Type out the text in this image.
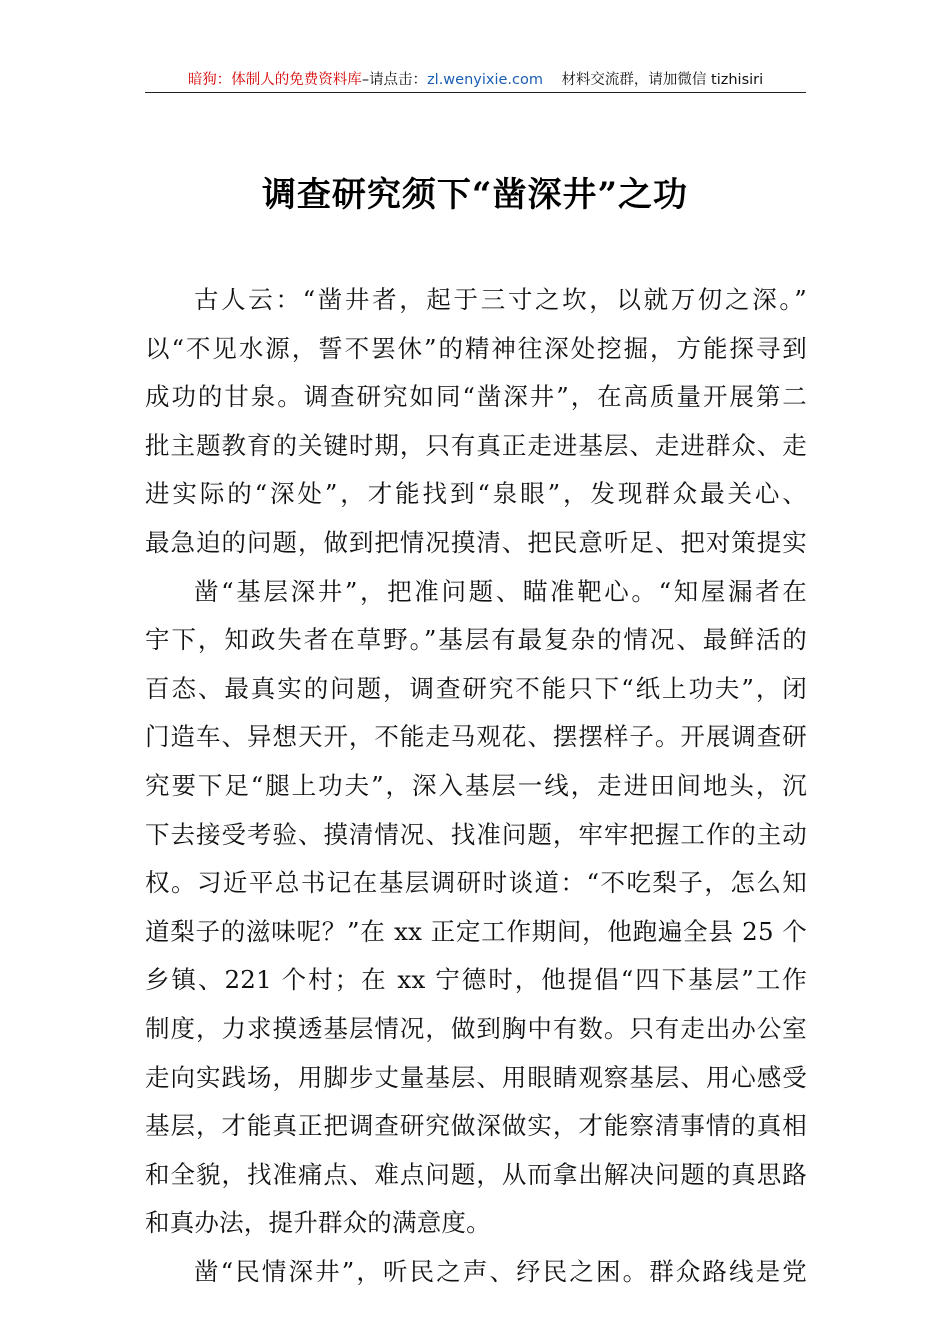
暗狗：体制人的免费资料库–请点击：zl.wenyixie.com 材料交流群，请加微信 tizhisiri
调查研究须下“凿深井”之功
古人云：“凿井者，起于三寸之坎，以就万仞之深。”
以“不见水源，誓不罢休”的精神往深处挖掘，方能探寻到
成功的甘泉。调查研究如同“凿深井”，在高质量开展第二
批主题教育的关键时期，只有真正走进基层、走进群众、走
进实际的“深处”，才能找到“泉眼”，发现群众最关心、
最急迫的问题，做到把情况摸清、把民意听足、把对策提实
凿“基层深井”，把准问题、瞄准靶心。“知屋漏者在
宇下，知政失者在草野。”基层有最复杂的情况、最鲜活的
百态、最真实的问题，调查研究不能只下“纸上功夫”，闭
门造车、异想天开，不能走马观花、摆摆样子。开展调查研
究要下足“腿上功夫”，深入基层一线，走进田间地头，沉
下去接受考验、摸清情况、找准问题，牢牢把握工作的主动
权。习近平总书记在基层调研时谈道：“不吃梨子，怎么知
道梨子的滋味呢？”在 xx 正定工作期间，他跑遍全县 25 个
乡镇、221 个村；在 xx 宁德时，他提倡“四下基层”工作
制度，力求摸透基层情况，做到胸中有数。只有走出办公室
走向实践场，用脚步丈量基层、用眼睛观察基层、用心感受
基层，才能真正把调查研究做深做实，才能察清事情的真相
和全貌，找准痛点、难点问题，从而拿出解决问题的真思路
和真办法，提升群众的满意度。
凿“民情深井”，听民之声、纾民之困。群众路线是党
